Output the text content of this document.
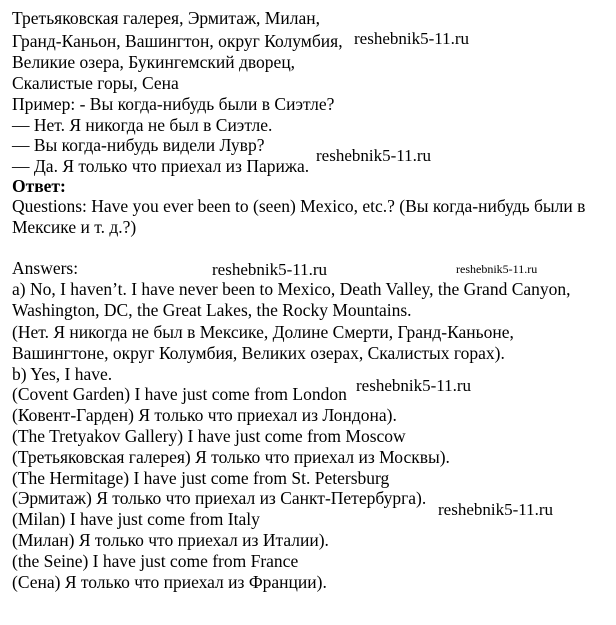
Третьяковская галерея, Эрмитаж, Милан,
Гранд-Каньон, Вашингтон, округ Колумбия,
Великие озера, Букингемский дворец,
Скалистые горы, Сена
Пример: - Вы когда-нибудь были в Сиэтле?
— Нет. Я никогда не был в Сиэтле.
— Вы когда-нибудь видели Лувр?
— Да. Я только что приехал из Парижа.
Ответ:
Questions: Have you ever been to (seen) Mexico, etc.? (Вы когда-нибудь были в
Мексике и т. д.?)
Answers:
a) No, I haven’t. I have never been to Mexico, Death Valley, the Grand Canyon,
Washington, DC, the Great Lakes, the Rocky Mountains.
(Нет. Я никогда не был в Мексике, Долине Смерти, Гранд-Каньоне,
Вашингтоне, округ Колумбия, Великих озерах, Скалистых горах).
b) Yes, I have.
(Covent Garden) I have just come from London
(Ковент-Гарден) Я только что приехал из Лондона).
(The Tretyakov Gallery) I have just come from Moscow
(Третьяковская галерея) Я только что приехал из Москвы).
(The Hermitage) I have just come from St. Petersburg
(Эрмитаж) Я только что приехал из Санкт-Петербурга).
(Milan) I have just come from Italy
(Милан) Я только что приехал из Италии).
(the Seine) I have just come from France
(Сена) Я только что приехал из Франции).
reshebnik5-11.ru
reshebnik5-11.ru
reshebnik5-11.ru	reshebnik5-11.ru
reshebnik5-11.ru
reshebnik5-11.ru
